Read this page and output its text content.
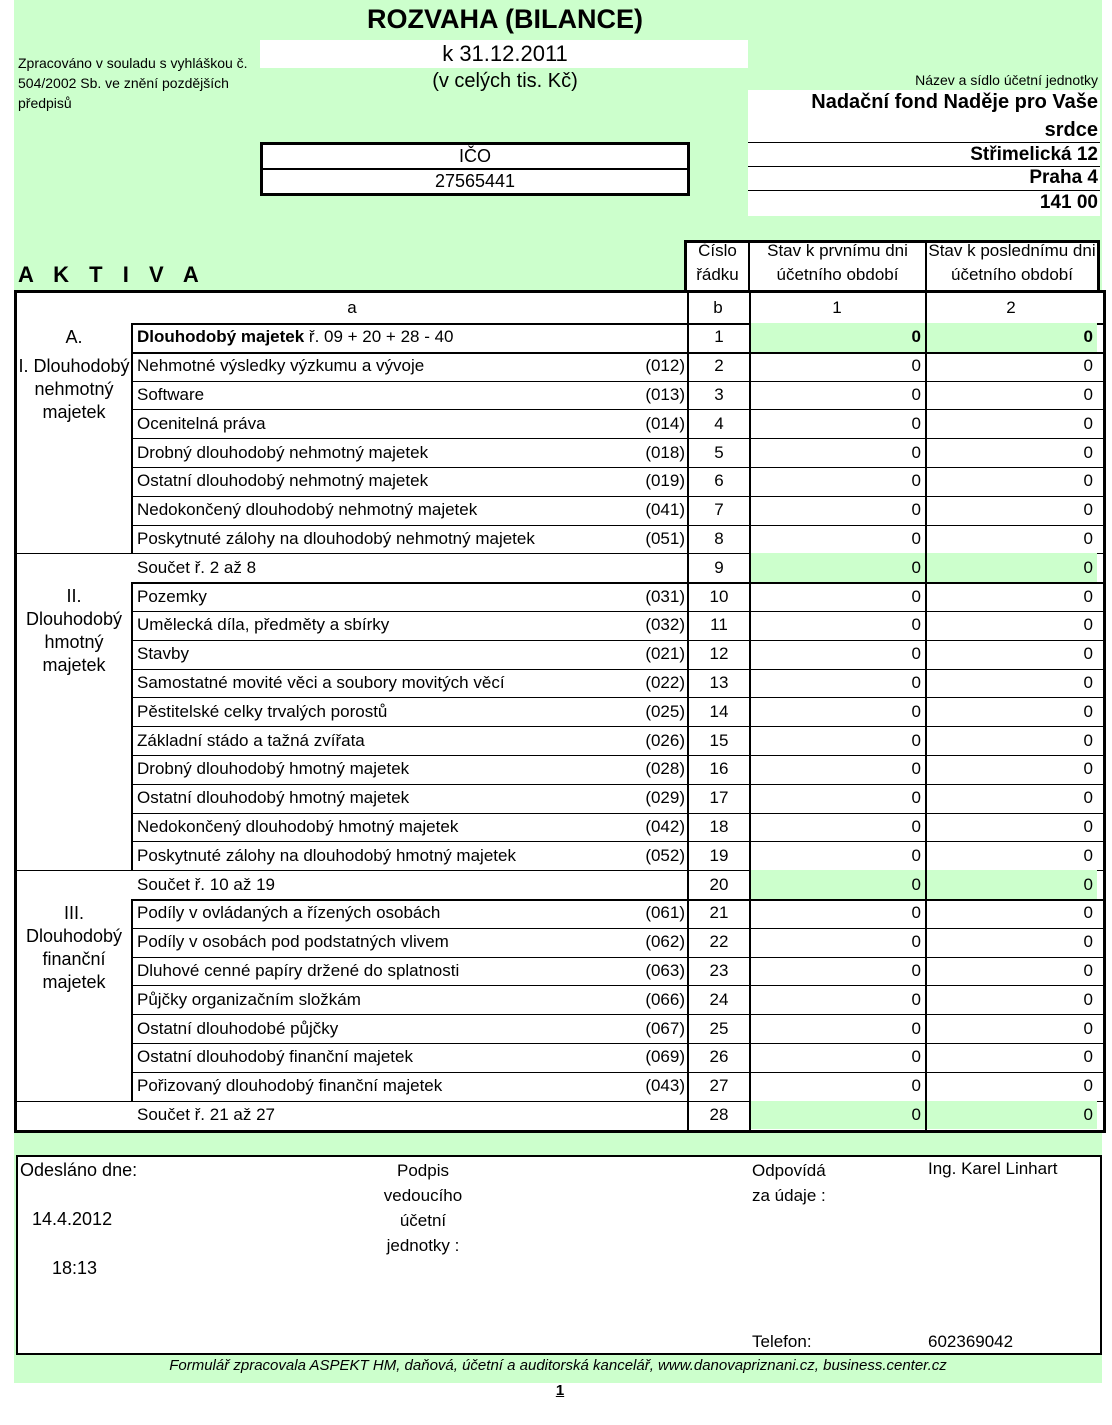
ROZVAHA (BILANCE)
k 31.12.2011
(v celých tis. Kč)
Zpracováno v souladu s vyhláškou č. 504/2002 Sb. ve znění pozdějších předpisů
IČO
27565441
Název a sídlo účetní jednotky
Nadační fond Naděje pro Vaše
srdce
Střimelická 12
Praha 4
141 00
A K T I V A
Číslo řádku
Stav k prvnímu dni účetního období
Stav k poslednímu dni účetního období
a	b	1	2
Dlouhodobý majetek ř. 09 + 20 + 28 - 40	1	0	0
Nehmotné výsledky výzkumu a vývoje	(012)	2	0	0
Software	(013)	3	0	0
Ocenitelná práva	(014)	4	0	0
Drobný dlouhodobý nehmotný majetek	(018)	5	0	0
Ostatní dlouhodobý nehmotný majetek	(019)	6	0	0
Nedokončený dlouhodobý nehmotný majetek	(041)	7	0	0
Poskytnuté zálohy na dlouhodobý nehmotný majetek	(051)	8	0	0
Součet ř. 2 až 8	9	0	0
Pozemky	(031)	10	0	0
Umělecká díla, předměty a sbírky	(032)	11	0	0
Stavby	(021)	12	0	0
Samostatné movité věci a soubory movitých věcí	(022)	13	0	0
Pěstitelské celky trvalých porostů	(025)	14	0	0
Základní stádo a tažná zvířata	(026)	15	0	0
Drobný dlouhodobý hmotný majetek	(028)	16	0	0
Ostatní dlouhodobý hmotný majetek	(029)	17	0	0
Nedokončený dlouhodobý hmotný majetek	(042)	18	0	0
Poskytnuté zálohy na dlouhodobý hmotný majetek	(052)	19	0	0
Součet ř. 10 až 19	20	0	0
Podíly v ovládaných a řízených osobách	(061)	21	0	0
Podíly v osobách pod podstatných vlivem	(062)	22	0	0
Dluhové cenné papíry držené do splatnosti	(063)	23	0	0
Půjčky organizačním složkám	(066)	24	0	0
Ostatní dlouhodobé půjčky	(067)	25	0	0
Ostatní dlouhodobý finanční majetek	(069)	26	0	0
Pořizovaný dlouhodobý finanční majetek	(043)	27	0	0
Součet ř. 21 až 27	28	0	0
A.
I. Dlouhodobý nehmotný majetek
II. Dlouhodobý hmotný majetek
III. Dlouhodobý finanční majetek
Odesláno dne:
14.4.2012
18:13
Podpis vedoucího účetní jednotky :
Odpovídá za údaje :
Ing. Karel Linhart
Telefon:	602369042
Formulář zpracovala ASPEKT HM, daňová, účetní a auditorská kancelář, www.danovapriznani.cz, business.center.cz
1
